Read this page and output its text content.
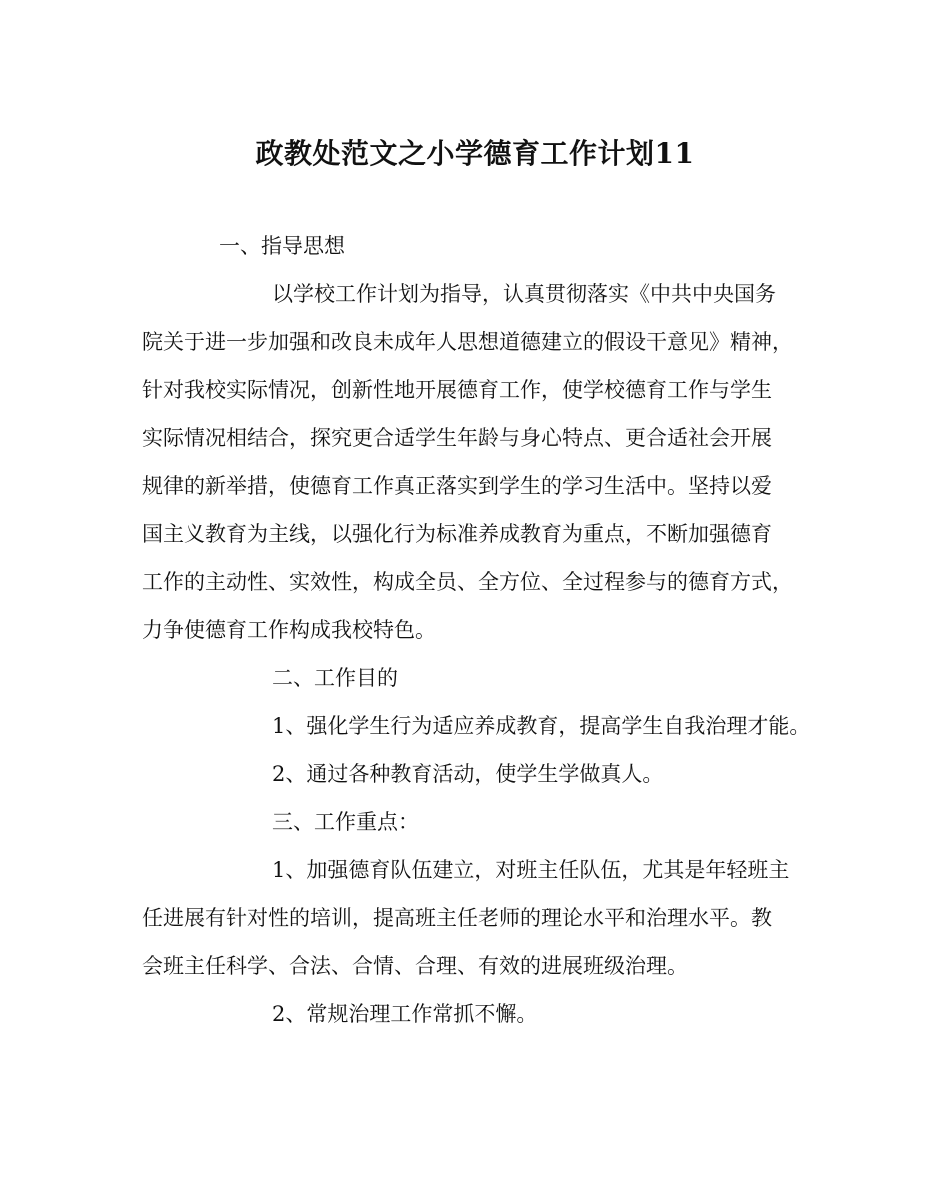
政教处范文之小学德育工作计划11

一、指导思想

以学校工作计划为指导，认真贯彻落实《中共中央国务

院关于进一步加强和改良未成年人思想道德建立的假设干意见》精神，

针对我校实际情况，创新性地开展德育工作，使学校德育工作与学生

实际情况相结合，探究更合适学生年龄与身心特点、更合适社会开展

规律的新举措，使德育工作真正落实到学生的学习生活中。坚持以爱

国主义教育为主线，以强化行为标准养成教育为重点，不断加强德育

工作的主动性、实效性，构成全员、全方位、全过程参与的德育方式，

力争使德育工作构成我校特色。

二、工作目的

1、强化学生行为适应养成教育，提高学生自我治理才能。

2、通过各种教育活动，使学生学做真人。

三、工作重点：

1、加强德育队伍建立，对班主任队伍，尤其是年轻班主

任进展有针对性的培训，提高班主任老师的理论水平和治理水平。教

会班主任科学、合法、合情、合理、有效的进展班级治理。

2、常规治理工作常抓不懈。
